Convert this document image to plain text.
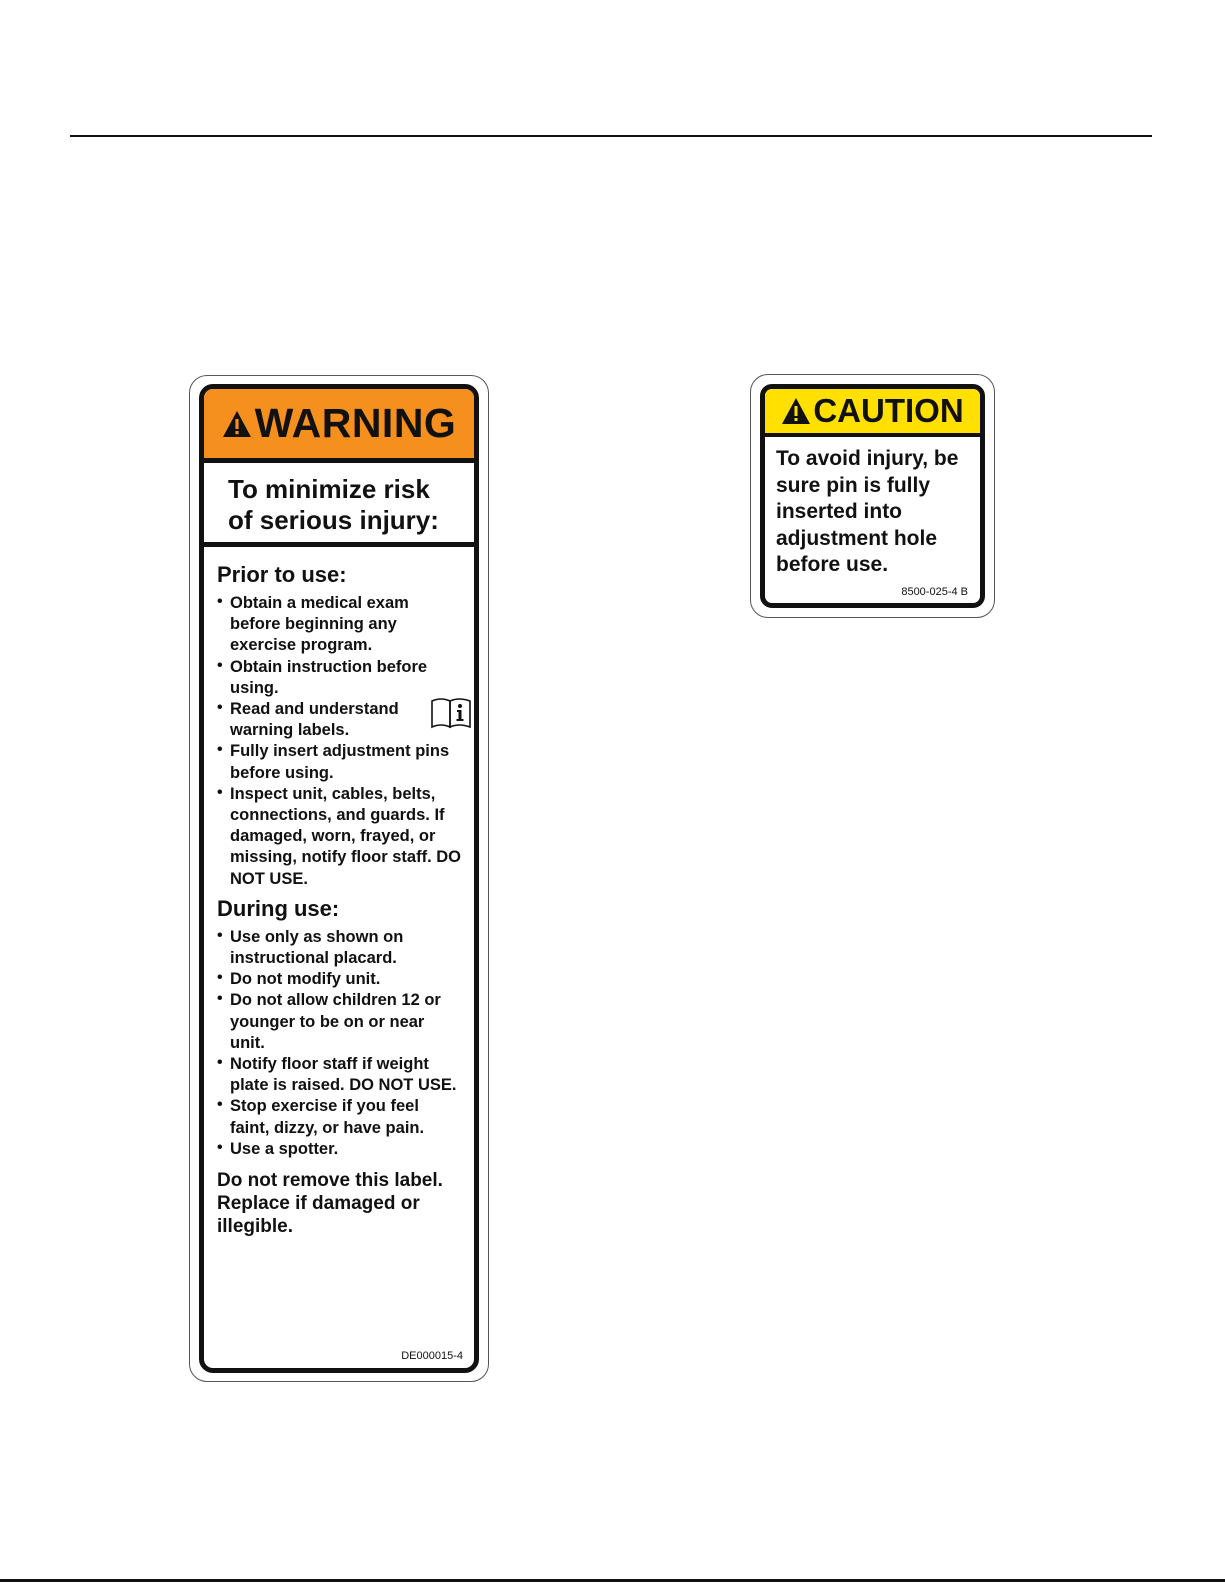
WARNING
To minimize risk
of serious injury:
Prior to use:
• Obtain a medical exam before beginning any exercise program.
• Obtain instruction before using.
• Read and understand warning labels.
• Fully insert adjustment pins before using.
• Inspect unit, cables, belts, connections, and guards. If damaged, worn, frayed, or missing, notify floor staff. DO NOT USE.
During use:
• Use only as shown on instructional placard.
• Do not modify unit.
• Do not allow children 12 or younger to be on or near unit.
• Notify floor staff if weight plate is raised. DO NOT USE.
• Stop exercise if you feel faint, dizzy, or have pain.
• Use a spotter.
Do not remove this label. Replace if damaged or illegible.
DE000015-4
CAUTION
To avoid injury, be sure pin is fully inserted into adjustment hole before use.
8500-025-4 B
